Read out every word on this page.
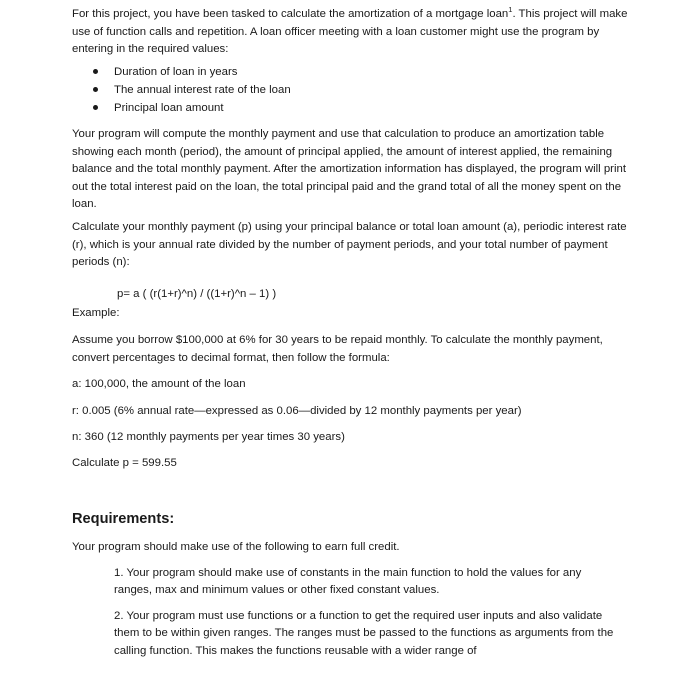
For this project, you have been tasked to calculate the amortization of a mortgage loan$^1$. This project will make use of function calls and repetition. A loan officer meeting with a loan customer might use the program by entering in the required values:

Duration of loan in years
The annual interest rate of the loan
Principal loan amount

Your program will compute the monthly payment and use that calculation to produce an amortization table showing each month (period), the amount of principal applied, the amount of interest applied, the remaining balance and the total monthly payment. After the amortization information has displayed, the program will print out the total interest paid on the loan, the total principal paid and the grand total of all the money spent on the loan.

Calculate your monthly payment (p) using your principal balance or total loan amount (a), periodic interest rate (r), which is your annual rate divided by the number of payment periods, and your total number of payment periods (n):

p= a ( (r(1+r)^n) / ((1+r)^n – 1) )

Example:

Assume you borrow $100,000 at 6% for 30 years to be repaid monthly. To calculate the monthly payment, convert percentages to decimal format, then follow the formula:

a: 100,000, the amount of the loan

r: 0.005 (6% annual rate—expressed as 0.06—divided by 12 monthly payments per year)

n: 360 (12 monthly payments per year times 30 years)

Calculate p = 599.55

Requirements:

Your program should make use of the following to earn full credit.

1. Your program should make use of constants in the main function to hold the values for any ranges, max and minimum values or other fixed constant values.

2. Your program must use functions or a function to get the required user inputs and also validate them to be within given ranges. The ranges must be passed to the functions as arguments from the calling function. This makes the functions reusable with a wider range of
